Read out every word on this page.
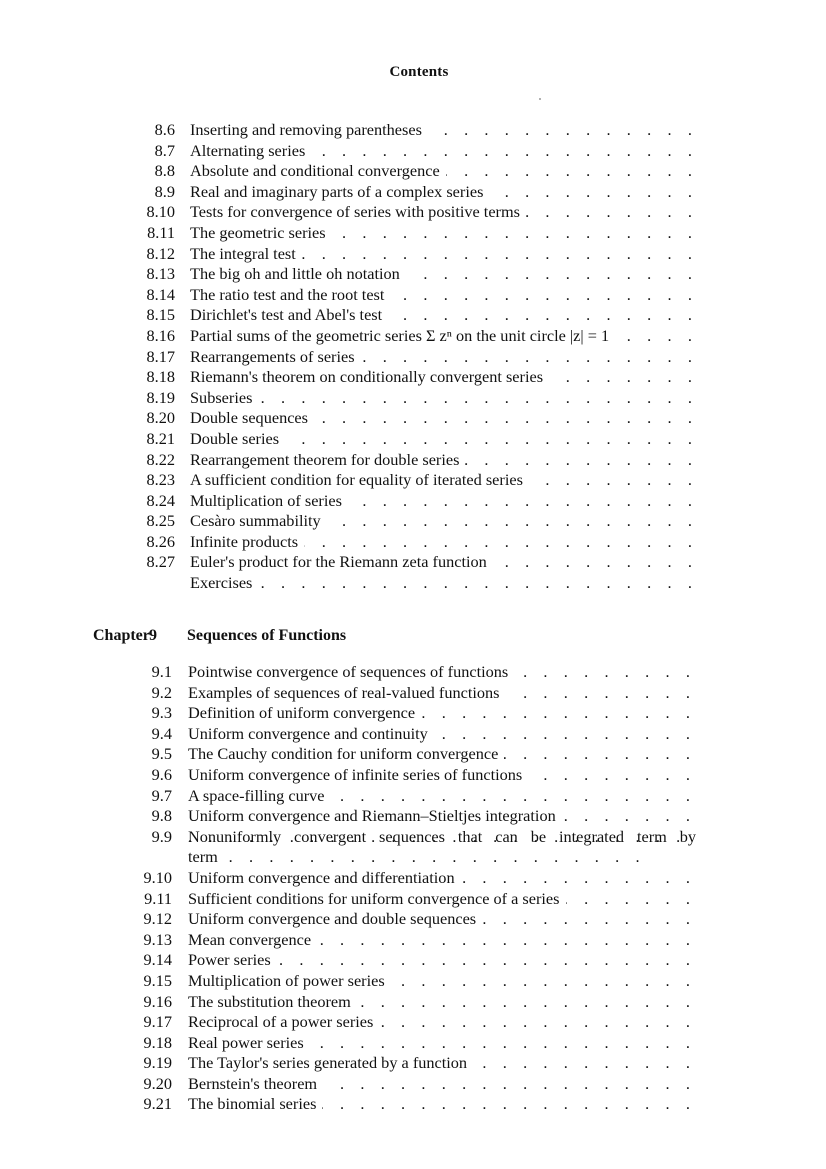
Contents
8.6 Inserting and removing parentheses . . .
8.7 Alternating series . . .
8.8 Absolute and conditional convergence . . .
8.9 Real and imaginary parts of a complex series . . .
8.10 Tests for convergence of series with positive terms . . .
8.11 The geometric series . . .
8.12 The integral test . . .
8.13 The big oh and little oh notation . . .
8.14 The ratio test and the root test . . .
8.15 Dirichlet's test and Abel's test . . .
8.16 Partial sums of the geometric series Σ zⁿ on the unit circle |z| = 1 . . .
8.17 Rearrangements of series . . .
8.18 Riemann's theorem on conditionally convergent series . . .
8.19 Subseries . . .
8.20 Double sequences . . .
8.21 Double series . . .
8.22 Rearrangement theorem for double series . . .
8.23 A sufficient condition for equality of iterated series . . .
8.24 Multiplication of series . . .
8.25 Cesàro summability . . .
8.26 Infinite products . . .
8.27 Euler's product for the Riemann zeta function . . .
Exercises . . .
Chapter9 Sequences of Functions
9.1 Pointwise convergence of sequences of functions . . .
9.2 Examples of sequences of real-valued functions . . .
9.3 Definition of uniform convergence . . .
9.4 Uniform convergence and continuity . . .
9.5 The Cauchy condition for uniform convergence . . .
9.6 Uniform convergence of infinite series of functions . . .
9.7 A space-filling curve . . .
9.8 Uniform convergence and Riemann–Stieltjes integration . . .
9.9 Nonuniformly convergent sequences that can be integrated term by
term . . .
9.10 Uniform convergence and differentiation . . .
9.11 Sufficient conditions for uniform convergence of a series . . .
9.12 Uniform convergence and double sequences . . .
9.13 Mean convergence . . .
9.14 Power series . . .
9.15 Multiplication of power series . . .
9.16 The substitution theorem . . .
9.17 Reciprocal of a power series . . .
9.18 Real power series . . .
9.19 The Taylor's series generated by a function . . .
9.20 Bernstein's theorem . . .
9.21 The binomial series . . .
